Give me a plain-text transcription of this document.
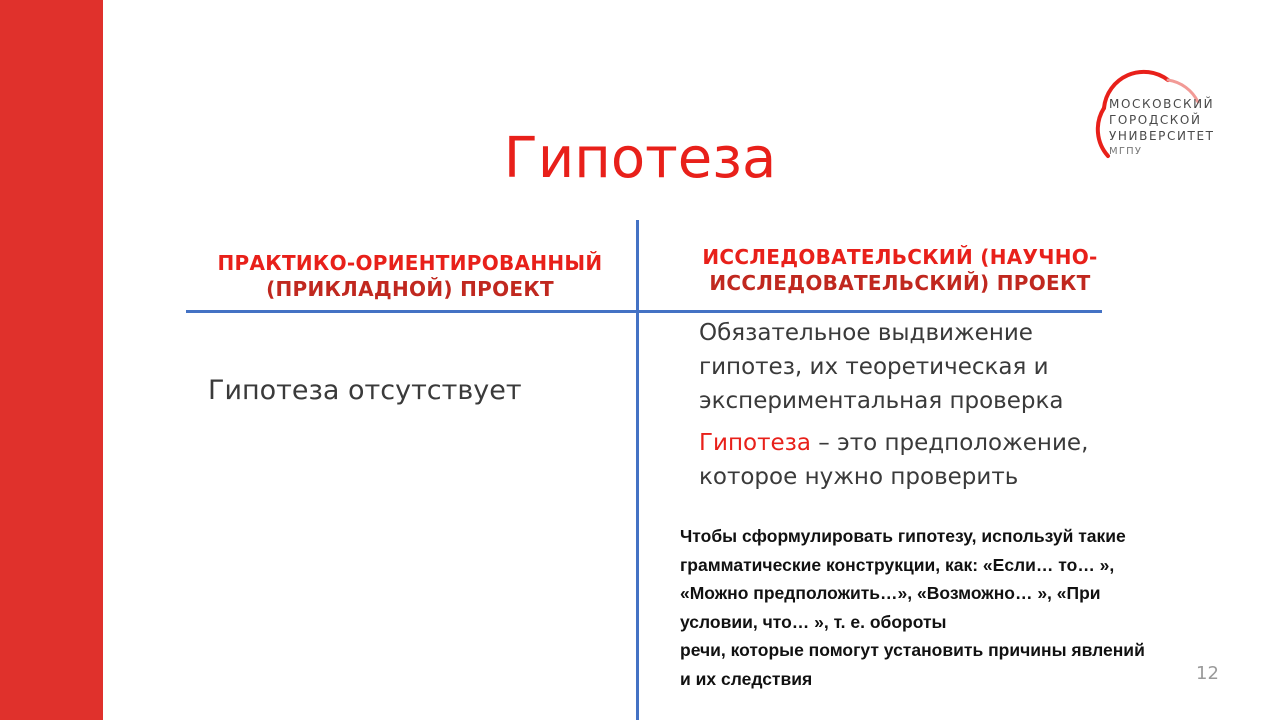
МОСКОВСКИЙ
ГОРОДСКОЙ
УНИВЕРСИТЕТ
МГПУ
Гипотеза
ПРАКТИКО-ОРИЕНТИРОВАННЫЙ
(ПРИКЛАДНОЙ) ПРОЕКТ
ИССЛЕДОВАТЕЛЬСКИЙ (НАУЧНО-
ИССЛЕДОВАТЕЛЬСКИЙ) ПРОЕКТ
Гипотеза отсутствует
Обязательное выдвижение
гипотез, их теоретическая и
экспериментальная проверка
Гипотеза – это предположение,
которое нужно проверить
Чтобы сформулировать гипотезу, используй такие
грамматические конструкции, как: «Если… то… »,
«Можно предположить…», «Возможно… », «При
условии, что… », т. е. обороты
речи, которые помогут установить причины явлений
и их следствия	12
